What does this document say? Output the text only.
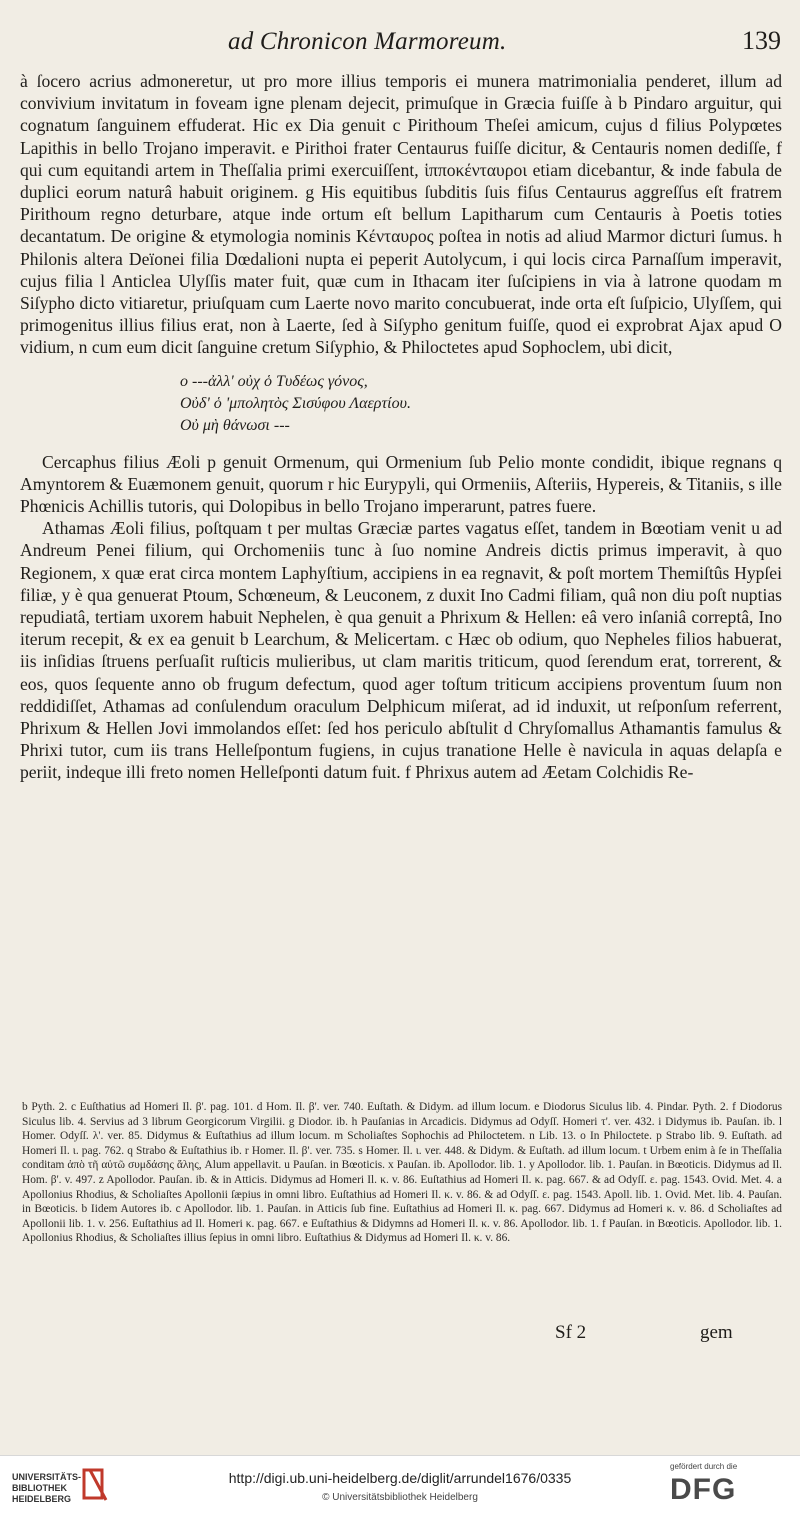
ad Chronicon Marmoreum.	139

à ſocero acrius admoneretur, ut pro more illius temporis ei munera matrimonialia penderet, illum ad convivium invitatum in foveam igne plenam dejecit, primuſque in Græcia fuiſſe à b Pindaro arguitur, qui cognatum ſanguinem effuderat. Hic ex Dia genuit c Pirithoum Theſei amicum, cujus d filius Polypœtes Lapithis in bello Trojano imperavit. e Pirithoi frater Centaurus fuiſſe dicitur, & Centauris nomen dediſſe, f qui cum equitandi artem in Theſſalia primi exercuiſſent, ἱπποκένταυροι etiam dicebantur, & inde fabula de duplici eorum naturâ habuit originem. g His equitibus ſubditis ſuis fiſus Centaurus aggreſſus eſt fratrem Pirithoum regno deturbare, atque inde ortum eſt bellum Lapitharum cum Centauris à Poetis toties decantatum. De origine & etymologia nominis Κένταυρος poſtea in notis ad aliud Marmor dicturi ſumus. h Philonis altera Deïonei filia Dœdalioni nupta ei peperit Autolycum, i qui locis circa Parnaſſum imperavit, cujus filia l Anticlea Ulyſſis mater fuit, quæ cum in Ithacam iter ſuſcipiens in via à latrone quodam m Siſypho dicto vitiaretur, priuſquam cum Laerte novo marito concubuerat, inde orta eſt ſuſpicio, Ulyſſem, qui primogenitus illius filius erat, non à Laerte, ſed à Siſypho genitum fuiſſe, quod ei exprobrat Ajax apud O vidium, n cum eum dicit ſanguine cretum Siſyphio, & Philoctetes apud Sophoclem, ubi dicit,

o ---ἀλλ' οὐχ ὁ Τυδέως γόνος,
Οὐδ' ὁ 'μπολητὸς Σισύφου Λαερτίου.
Οὐ μὴ θάνωσι ---

Cercaphus filius Æoli p genuit Ormenum, qui Ormenium ſub Pelio monte condidit, ibique regnans q Amyntorem & Euæmonem genuit, quorum r hic Eurypyli, qui Ormeniis, Aſteriis, Hypereis, & Titaniis, s ille Phœnicis Achillis tutoris, qui Dolopibus in bello Trojano imperarunt, patres fuere.

Athamas Æoli filius, poſtquam t per multas Græciæ partes vagatus eſſet, tandem in Bœotiam venit u ad Andreum Penei filium, qui Orchomeniis tunc à ſuo nomine Andreis dictis primus imperavit, à quo Regionem, x quæ erat circa montem Laphyſtium, accipiens in ea regnavit, & poſt mortem Themiſtûs Hypſei filiæ, y è qua genuerat Ptoum, Schœneum, & Leuconem, z duxit Ino Cadmi filiam, quâ non diu poſt nuptias repudiatâ, tertiam uxorem habuit Nephelen, è qua genuit a Phrixum & Hellen: eâ vero inſaniâ correptâ, Ino iterum recepit, & ex ea genuit b Learchum, & Melicertam. c Hæc ob odium, quo Nepheles filios habuerat, iis inſidias ſtruens perſuaſit ruſticis mulieribus, ut clam maritis triticum, quod ſerendum erat, torrerent, & eos, quos ſequente anno ob frugum defectum, quod ager toſtum triticum accipiens proventum ſuum non reddidiſſet, Athamas ad conſulendum oraculum Delphicum miſerat, ad id induxit, ut reſponſum referrent, Phrixum & Hellen Jovi immolandos eſſet: ſed hos periculo abſtulit d Chryſomallus Athamantis famulus & Phrixi tutor, cum iis trans Helleſpontum fugiens, in cujus tranatione Helle è navicula in aquas delapſa e periit, indeque illi freto nomen Helleſponti datum fuit. f Phrixus autem ad Æetam Colchidis Re-

b Pyth. 2. c Euſthatius ad Homeri Il. β'. pag. 101. d Hom. Il. β'. ver. 740. Euſtath. & Didym. ad illum locum. e Diodorus Siculus lib. 4. Pindar. Pyth. 2. f Diodorus Siculus lib. 4. Servius ad 3 librum Georgicorum Virgilii. g Diodor. ib. h Pauſanias in Arcadicis. Didymus ad Odyſſ. Homeri τ'. ver. 432. i Didymus ib. Pauſan. ib. l Homer. Odyſſ. λ'. ver. 85. Didymus & Euſtathius ad illum locum. m Scholiaſtes Sophochis ad Philoctetem. n Lib. 13. o In Philoctete. p Strabo lib. 9. Euſtath. ad Homeri Il. ι. pag. 762. q Strabo & Euſtathius ib. r Homer. Il. β'. ver. 735. s Homer. Il. ι. ver. 448. & Didym. & Euſtath. ad illum locum. t Urbem enim à ſe in Theſſalia conditam ἀπὸ τῆ αὐτῶ συμδάσης ἄλης, Alum appellavit. u Pauſan. in Bœoticis. x Pauſan. ib. Apollodor. lib. 1. y Apollodor. lib. 1. Pauſan. in Bœoticis. Didymus ad Il. Hom. β'. v. 497. z Apollodor. Pauſan. ib. & in Atticis. Didymus ad Homeri Il. κ. v. 86. Euſtathius ad Homeri Il. κ. pag. 667. & ad Odyſſ. ε. pag. 1543. Ovid. Met. 4. a Apollonius Rhodius, & Scholiaſtes Apollonii ſæpius in omni libro. Euſtathius ad Homeri Il. κ. v. 86. & ad Odyſſ. ε. pag. 1543. Apoll. lib. 1. Ovid. Met. lib. 4. Pauſan. in Bœoticis. b Iidem Autores ib. c Apollodor. lib. 1. Pauſan. in Atticis ſub fine. Euſtathius ad Homeri Il. κ. pag. 667. Didymus ad Homeri κ. v. 86. d Scholiaſtes ad Apollonii lib. 1. v. 256. Euſtathius ad Il. Homeri κ. pag. 667. e Euſtathius & Didymns ad Homeri Il. κ. v. 86. Apollodor. lib. 1. f Pauſan. in Bœoticis. Apollodor. lib. 1. Apollonius Rhodius, & Scholiaſtes illius ſepius in omni libro. Euſtathius & Didymus ad Homeri Il. κ. v. 86.
Sf 2	gem
UNIVERSITÄTS-
BIBLIOTHEK
HEIDELBERG
http://digi.ub.uni-heidelberg.de/diglit/arrundel1676/0335
© Universitätsbibliothek Heidelberg
gefördert durch die
DFG
